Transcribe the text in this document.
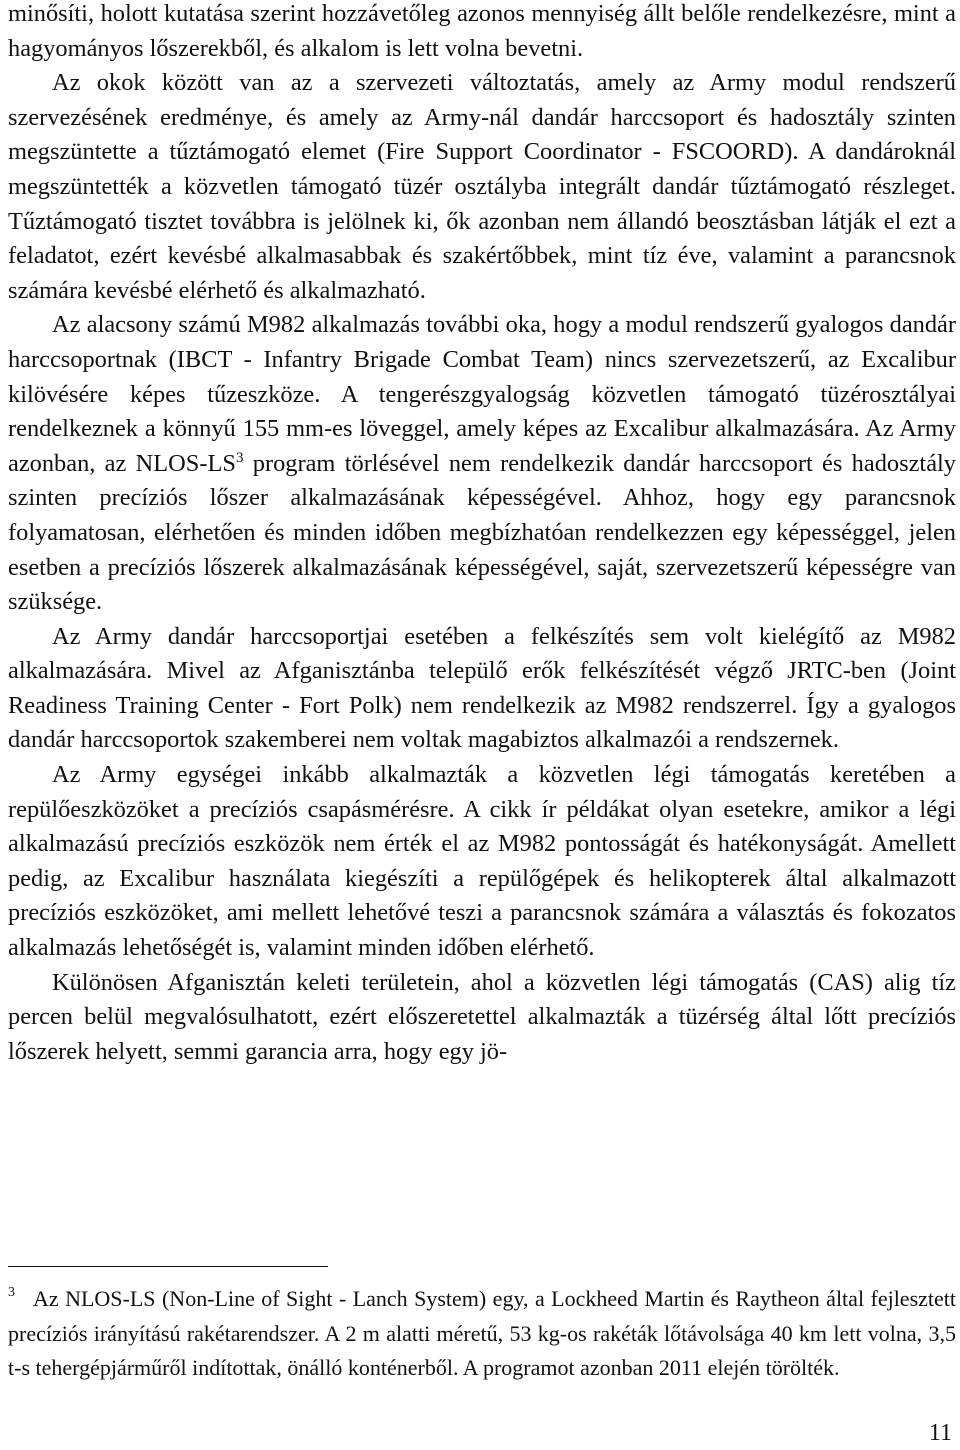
minősíti, holott kutatása szerint hozzávetőleg azonos mennyiség állt belőle rendelkezésre, mint a hagyományos lőszerekből, és alkalom is lett volna bevetni.

Az okok között van az a szervezeti változtatás, amely az Army modul rendszerű szervezésének eredménye, és amely az Army-nál dandár harccsoport és hadosztály szinten megszüntette a tűztámogató elemet (Fire Support Coordinator - FSCOORD). A dandároknál megszüntették a közvetlen támogató tüzér osztályba integrált dandár tűztámogató részleget. Tűztámogató tisztet továbbra is jelölnek ki, ők azonban nem állandó beosztásban látják el ezt a feladatot, ezért kevésbé alkalmasabbak és szakértőbbek, mint tíz éve, valamint a parancsnok számára kevésbé elérhető és alkalmazható.

Az alacsony számú M982 alkalmazás további oka, hogy a modul rendszerű gyalogos dandár harccsoportnak (IBCT - Infantry Brigade Combat Team) nincs szervezetszerű, az Excalibur kilövésére képes tűzeszköze. A tengerészgyalogság közvetlen támogató tüzérosztályai rendelkeznek a könnyű 155 mm-es löveggel, amely képes az Excalibur alkalmazására. Az Army azonban, az NLOS-$LS^3$ program törlésével nem rendelkezik dandár harccsoport és hadosztály szinten precíziós lőszer alkalmazásának képességével. Ahhoz, hogy egy parancsnok folyamatosan, elérhetően és minden időben megbízhatóan rendelkezzen egy képességgel, jelen esetben a precíziós lőszerek alkalmazásának képességével, saját, szervezetszerű képességre van szüksége.

Az Army dandár harccsoportjai esetében a felkészítés sem volt kielégítő az M982 alkalmazására. Mivel az Afganisztánba települő erők felkészítését végző JRTC-ben (Joint Readiness Training Center - Fort Polk) nem rendelkezik az M982 rendszerrel. Így a gyalogos dandár harccsoportok szakemberei nem voltak magabiztos alkalmazói a rendszernek.

Az Army egységei inkább alkalmazták a közvetlen légi támogatás keretében a repülőeszközöket a precíziós csapásmérésre. A cikk ír példákat olyan esetekre, amikor a légi alkalmazású precíziós eszközök nem érték el az M982 pontosságát és hatékonyságát. Amellett pedig, az Excalibur használata kiegészíti a repülőgépek és helikopterek által alkalmazott precíziós eszközöket, ami mellett lehetővé teszi a parancsnok számára a választás és fokozatos alkalmazás lehetőségét is, valamint minden időben elérhető.

Különösen Afganisztán keleti területein, ahol a közvetlen légi támogatás (CAS) alig tíz percen belül megvalósulhatott, ezért előszeretettel alkalmazták a tüzérség által lőtt precíziós lőszerek helyett, semmi garancia arra, hogy egy jö-

3 Az NLOS-LS (Non-Line of Sight - Lanch System) egy, a Lockheed Martin és Raytheon által fejlesztett precíziós irányítású rakétarendszer. A 2 m alatti méretű, 53 kg-os rakéták lőtávolsága 40 km lett volna, 3,5 t-s tehergépjárműről indítottak, önálló konténerből. A programot azonban 2011 elején törölték.

11
